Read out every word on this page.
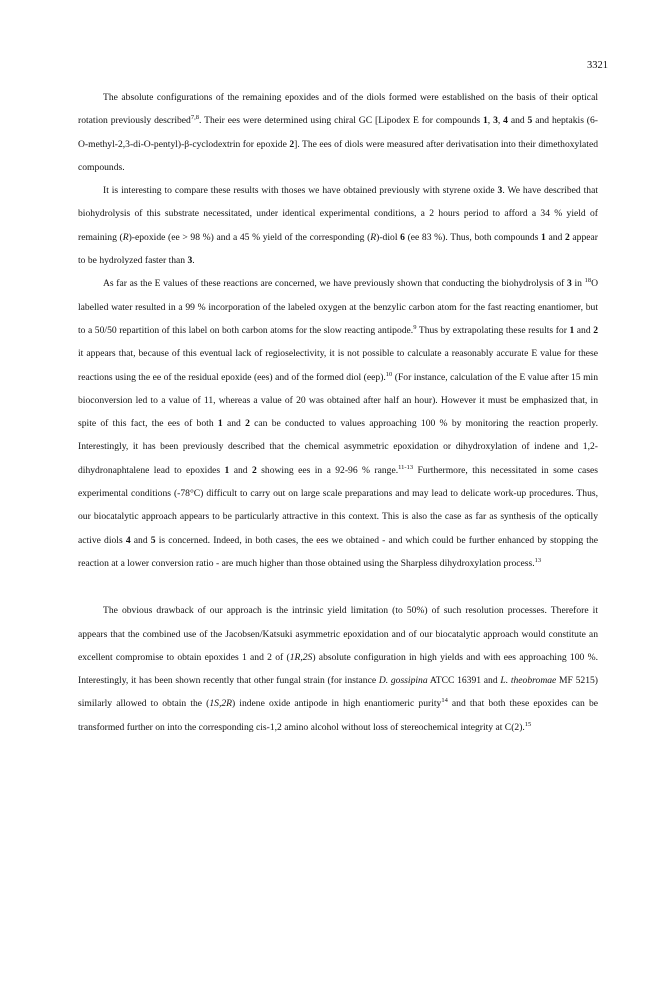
3321

The absolute configurations of the remaining epoxides and of the diols formed were established on the basis of their optical rotation previously described$^{7,8}$. Their ees were determined using chiral GC [Lipodex E for compounds 1, 3, 4 and 5 and heptakis (6-O-methyl-2,3-di-O-pentyl)-β-cyclodextrin for epoxide 2]. The ees of diols were measured after derivatisation into their dimethoxylated compounds.

It is interesting to compare these results with thoses we have obtained previously with styrene oxide 3. We have described that biohydrolysis of this substrate necessitated, under identical experimental conditions, a 2 hours period to afford a 34 % yield of remaining (R)-epoxide (ee > 98 %) and a 45 % yield of the corresponding (R)-diol 6 (ee 83 %). Thus, both compounds 1 and 2 appear to be hydrolyzed faster than 3.

As far as the E values of these reactions are concerned, we have previously shown that conducting the biohydrolysis of 3 in $^{18}$O labelled water resulted in a 99 % incorporation of the labeled oxygen at the benzylic carbon atom for the fast reacting enantiomer, but to a 50/50 repartition of this label on both carbon atoms for the slow reacting antipode.$^9$ Thus by extrapolating these results for 1 and 2 it appears that, because of this eventual lack of regioselectivity, it is not possible to calculate a reasonably accurate E value for these reactions using the ee of the residual epoxide (ees) and of the formed diol (eep).$^{10}$ (For instance, calculation of the E value after 15 min bioconversion led to a value of 11, whereas a value of 20 was obtained after half an hour). However it must be emphasized that, in spite of this fact, the ees of both 1 and 2 can be conducted to values approaching 100 % by monitoring the reaction properly. Interestingly, it has been previously described that the chemical asymmetric epoxidation or dihydroxylation of indene and 1,2-dihydronaphtalene lead to epoxides 1 and 2 showing ees in a 92-96 % range.$^{11-13}$ Furthermore, this necessitated in some cases experimental conditions (-78°C) difficult to carry out on large scale preparations and may lead to delicate work-up procedures. Thus, our biocatalytic approach appears to be particularly attractive in this context. This is also the case as far as synthesis of the optically active diols 4 and 5 is concerned. Indeed, in both cases, the ees we obtained - and which could be further enhanced by stopping the reaction at a lower conversion ratio - are much higher than those obtained using the Sharpless dihydroxylation process.$^{13}$

The obvious drawback of our approach is the intrinsic yield limitation (to 50%) of such resolution processes. Therefore it appears that the combined use of the Jacobsen/Katsuki asymmetric epoxidation and of our biocatalytic approach would constitute an excellent compromise to obtain epoxides 1 and 2 of (1R,2S) absolute configuration in high yields and with ees approaching 100 %. Interestingly, it has been shown recently that other fungal strain (for instance D. gossipina ATCC 16391 and L. theobromae MF 5215) similarly allowed to obtain the (1S,2R) indene oxide antipode in high enantiomeric purity$^{14}$ and that both these epoxides can be transformed further on into the corresponding cis-1,2 amino alcohol without loss of stereochemical integrity at C(2).$^{15}$
